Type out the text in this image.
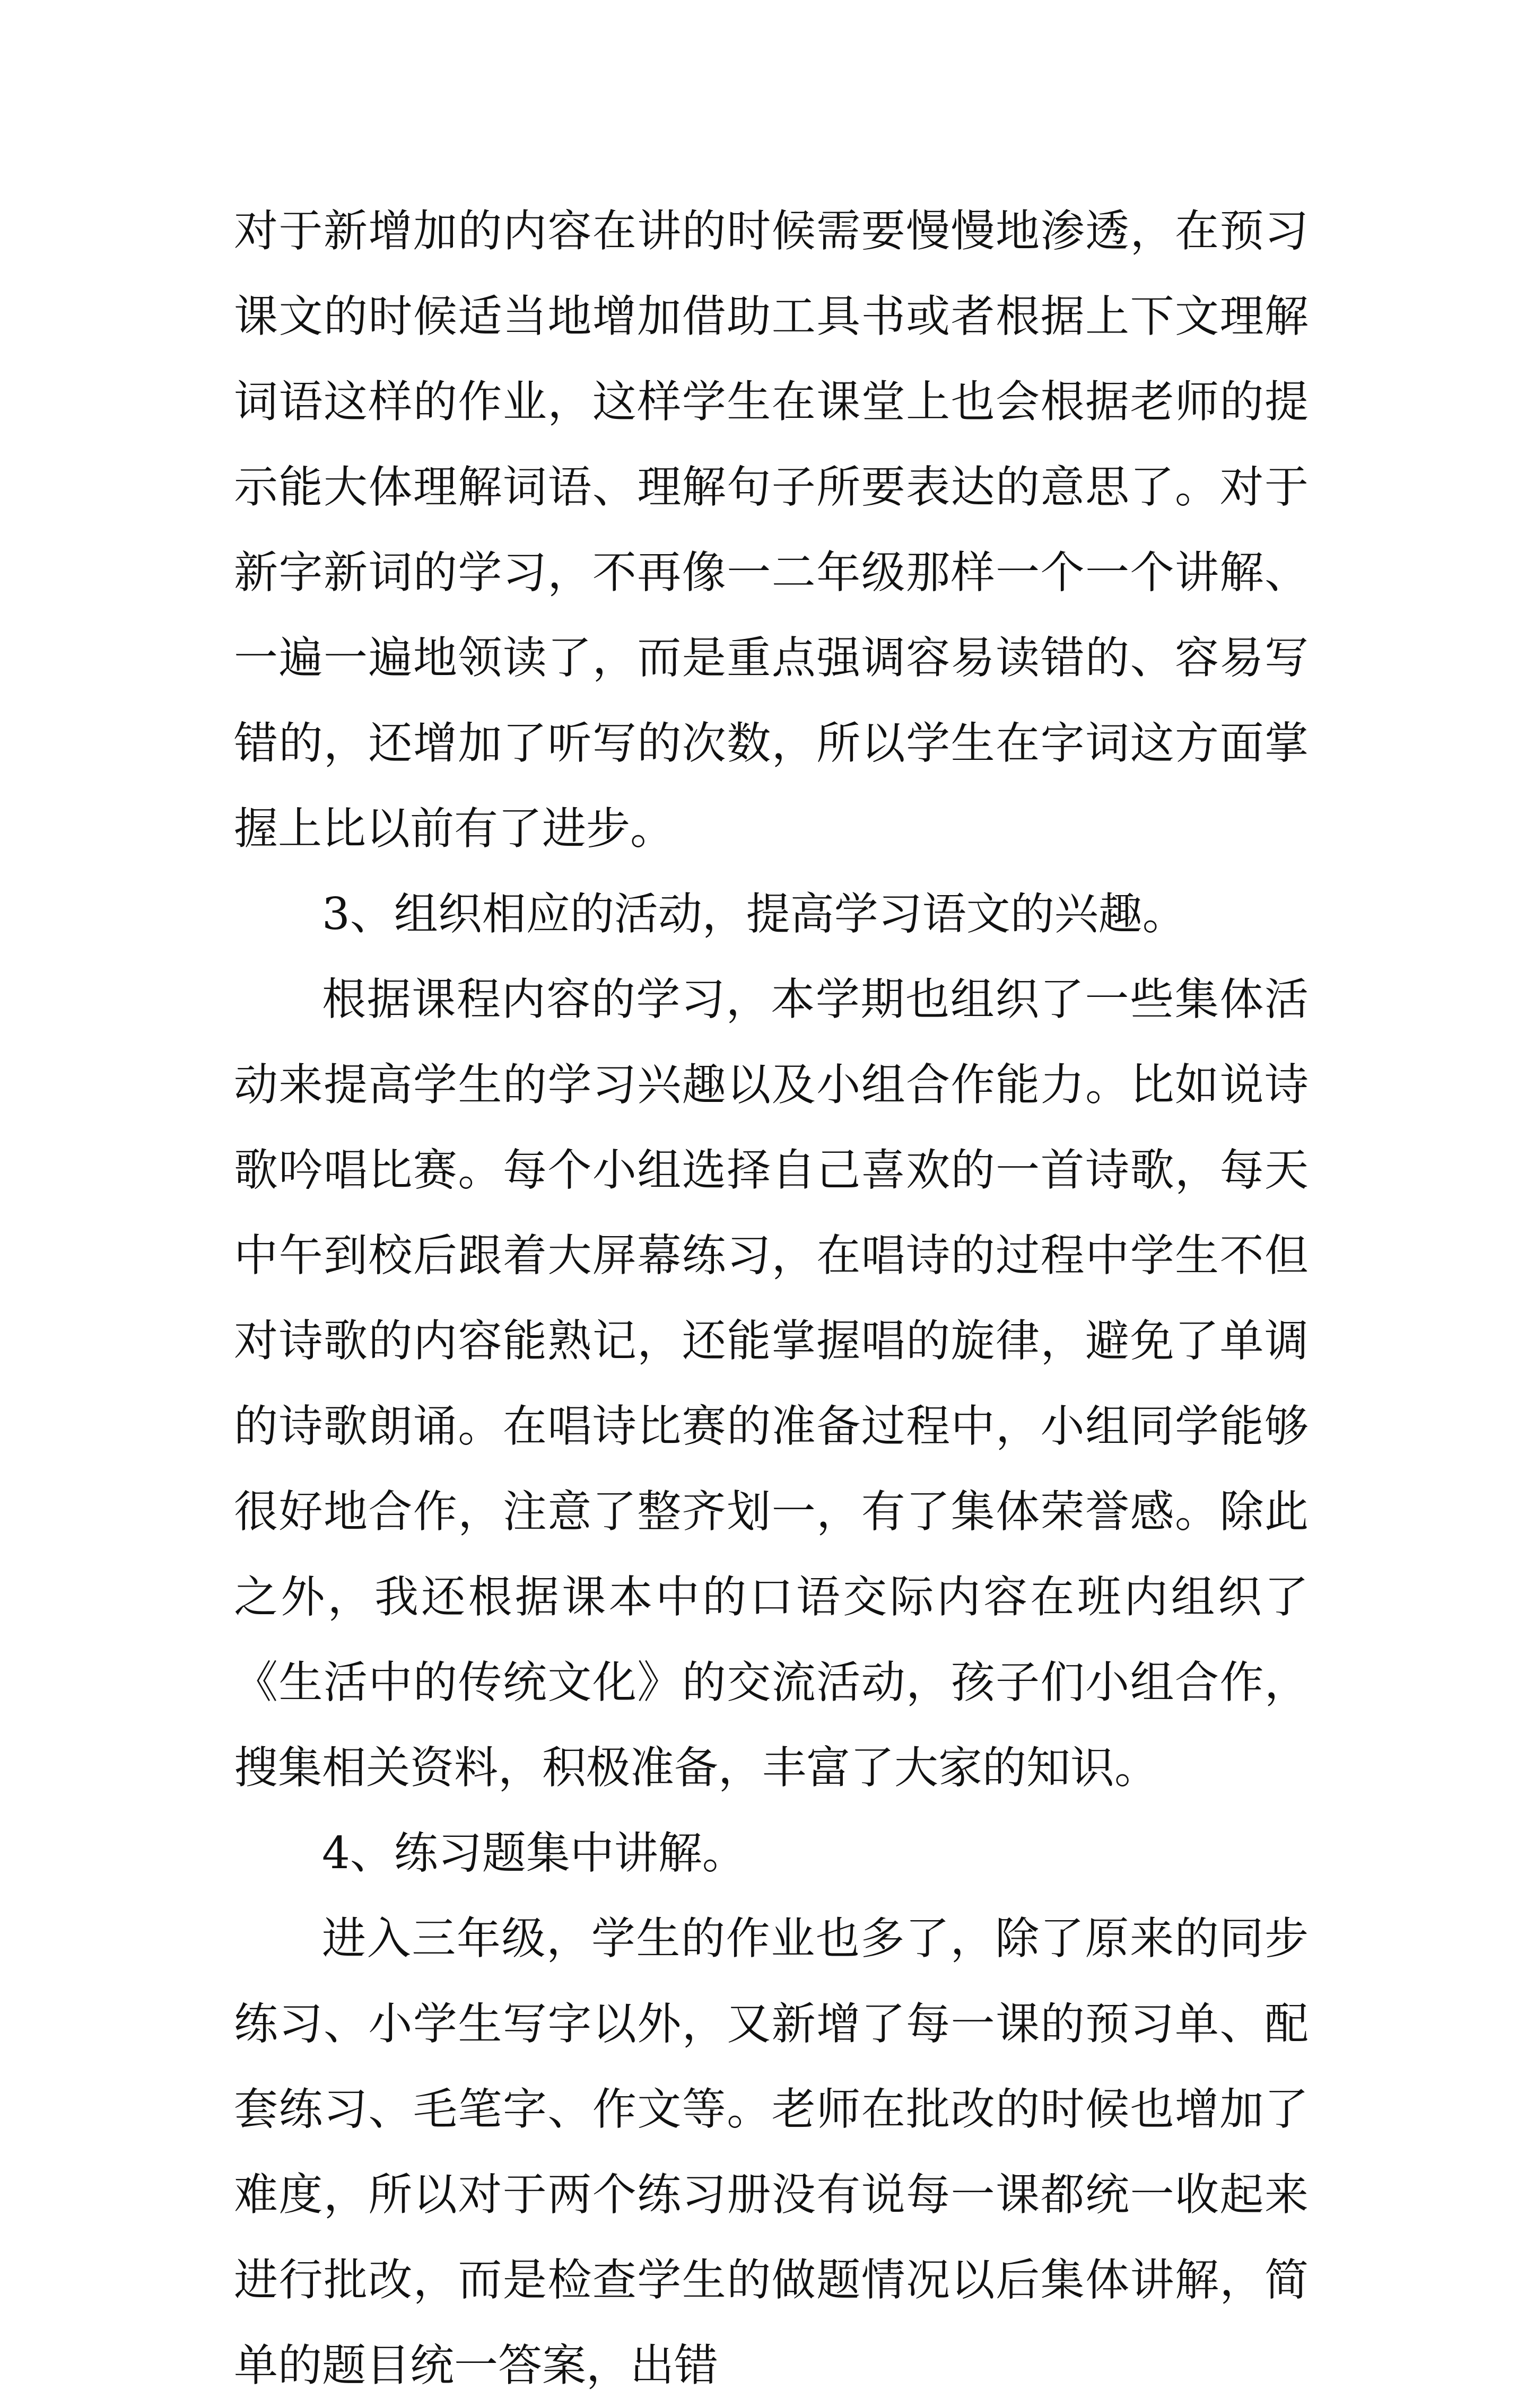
对于新增加的内容在讲的时候需要慢慢地渗透，在预习课文的时候适当地增加借助工具书或者根据上下文理解词语这样的作业，这样学生在课堂上也会根据老师的提示能大体理解词语、理解句子所要表达的意思了。对于新字新词的学习，不再像一二年级那样一个一个讲解、一遍一遍地领读了，而是重点强调容易读错的、容易写错的，还增加了听写的次数，所以学生在字词这方面掌握上比以前有了进步。

3、组织相应的活动，提高学习语文的兴趣。

根据课程内容的学习，本学期也组织了一些集体活动来提高学生的学习兴趣以及小组合作能力。比如说诗歌吟唱比赛。每个小组选择自己喜欢的一首诗歌，每天中午到校后跟着大屏幕练习，在唱诗的过程中学生不但对诗歌的内容能熟记，还能掌握唱的旋律，避免了单调的诗歌朗诵。在唱诗比赛的准备过程中，小组同学能够很好地合作，注意了整齐划一，有了集体荣誉感。除此之外，我还根据课本中的口语交际内容在班内组织了《生活中的传统文化》的交流活动，孩子们小组合作，搜集相关资料，积极准备，丰富了大家的知识。

4、练习题集中讲解。

进入三年级，学生的作业也多了，除了原来的同步练习、小学生写字以外，又新增了每一课的预习单、配套练习、毛笔字、作文等。老师在批改的时候也增加了难度，所以对于两个练习册没有说每一课都统一收起来进行批改，而是检查学生的做题情况以后集体讲解，简单的题目统一答案，出错
